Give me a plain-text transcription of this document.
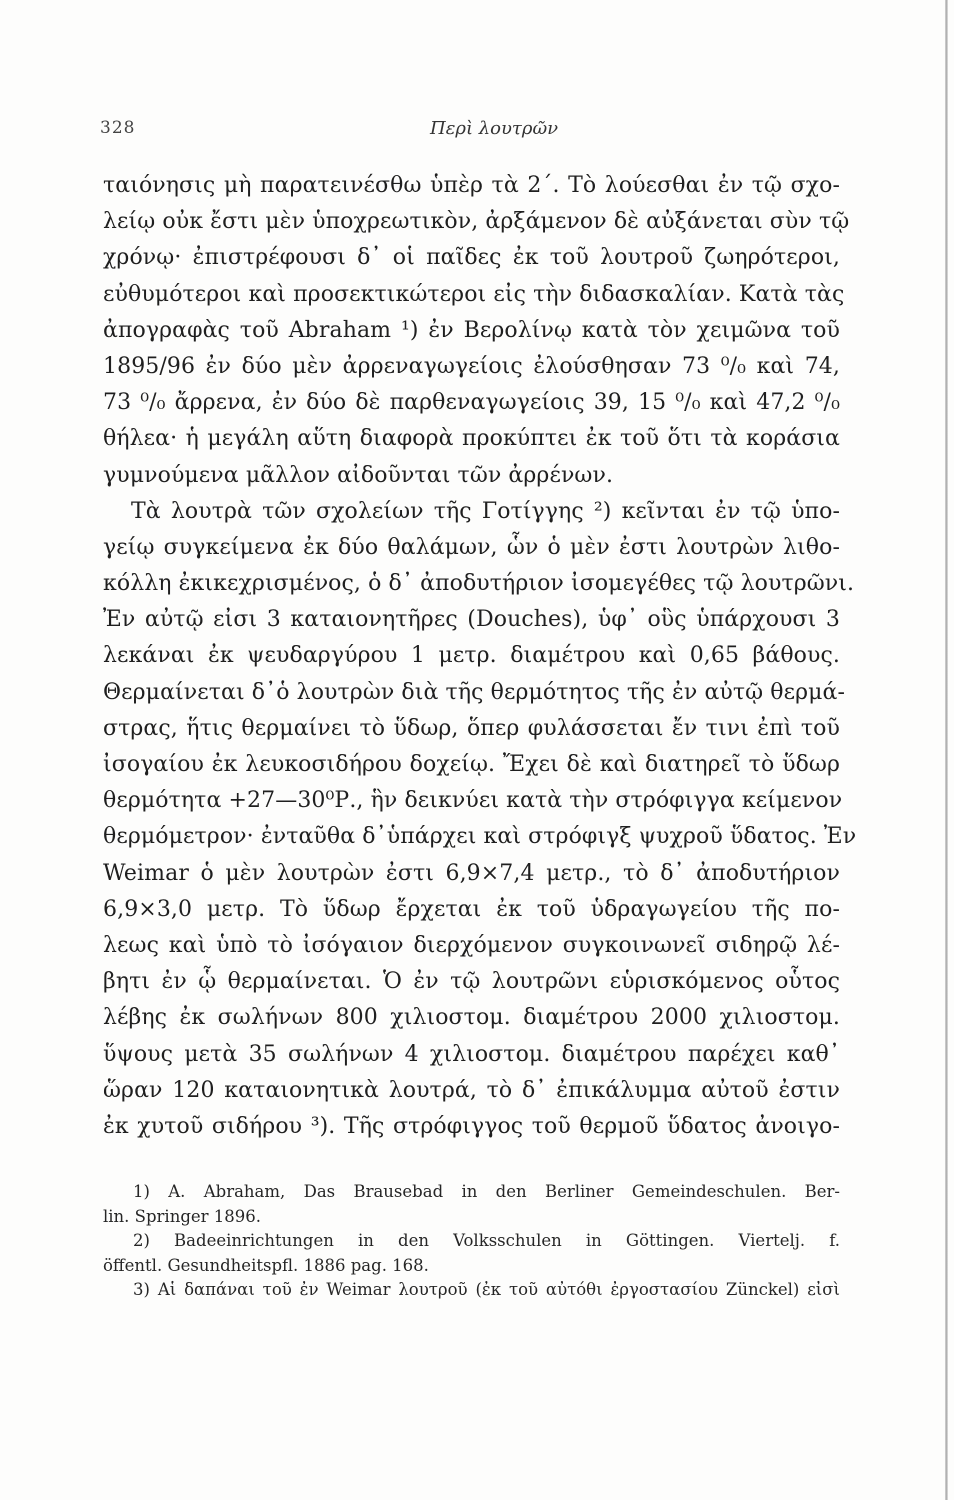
328	Περὶ λουτρῶν
ταιόνησις μὴ παρατεινέσθω ὑπὲρ τὰ 2΄. Τὸ λούεσθαι ἐν τῷ σχο-
λείῳ οὐκ ἔστι μὲν ὑποχρεωτικὸν, ἀρξάμενον δὲ αὐξάνεται σὺν τῷ
χρόνῳ· ἐπιστρέφουσι δ᾽ οἱ παῖδες ἐκ τοῦ λουτροῦ ζωηρότεροι,
εὐθυμότεροι καὶ προσεκτικώτεροι εἰς τὴν διδασκαλίαν. Κατὰ τὰς
ἀπογραφὰς τοῦ Abraham ¹) ἐν Βερολίνῳ κατὰ τὸν χειμῶνα τοῦ
1895/96 ἐν δύο μὲν ἀρρεναγωγείοις ἐλούσθησαν 73 ⁰/₀ καὶ 74,
73 ⁰/₀ ἄρρενα, ἐν δύο δὲ παρθεναγωγείοις 39, 15 ⁰/₀ καὶ 47,2 ⁰/₀
θήλεα· ἡ μεγάλη αὕτη διαφορὰ προκύπτει ἐκ τοῦ ὅτι τὰ κοράσια
γυμνούμενα μᾶλλον αἰδοῦνται τῶν ἀρρένων.
Τὰ λουτρὰ τῶν σχολείων τῆς Γοτίγγης ²) κεῖνται ἐν τῷ ὑπο-
γείῳ συγκείμενα ἐκ δύο θαλάμων, ὧν ὁ μὲν ἐστι λουτρὼν λιθο-
κόλλη ἐκικεχρισμένος, ὁ δ᾽ ἀποδυτήριον ἰσομεγέθες τῷ λουτρῶνι.
Ἐν αὐτῷ εἰσι 3 καταιονητῆρες (Douches), ὑφ᾽ οὓς ὑπάρχουσι 3
λεκάναι ἐκ ψευδαργύρου 1 μετρ. διαμέτρου καὶ 0,65 βάθους.
Θερμαίνεται δ᾽ὁ λουτρὼν διὰ τῆς θερμότητος τῆς ἐν αὐτῷ θερμά-
στρας, ἥτις θερμαίνει τὸ ὕδωρ, ὅπερ φυλάσσεται ἔν τινι ἐπὶ τοῦ
ἰσογαίου ἐκ λευκοσιδήρου δοχείῳ. Ἔχει δὲ καὶ διατηρεῖ τὸ ὕδωρ
θερμότητα +27—30⁰Ρ., ἣν δεικνύει κατὰ τὴν στρόφιγγα κείμενον
θερμόμετρον· ἐνταῦθα δ᾽ὑπάρχει καὶ στρόφιγξ ψυχροῦ ὕδατος. Ἐν
Weimar ὁ μὲν λουτρὼν ἐστι 6,9×7,4 μετρ., τὸ δ᾽ ἀποδυτήριον
6,9×3,0 μετρ. Τὸ ὕδωρ ἔρχεται ἐκ τοῦ ὑδραγωγείου τῆς πο-
λεως καὶ ὑπὸ τὸ ἰσόγαιον διερχόμενον συγκοινωνεῖ σιδηρῷ λέ-
βητι ἐν ᾧ θερμαίνεται. Ὁ ἐν τῷ λουτρῶνι εὑρισκόμενος οὗτος
λέβης ἐκ σωλήνων 800 χιλιοστομ. διαμέτρου 2000 χιλιοστομ.
ὕψους μετὰ 35 σωλήνων 4 χιλιοστομ. διαμέτρου παρέχει καθ᾽
ὥραν 120 καταιονητικὰ λουτρά, τὸ δ᾽ ἐπικάλυμμα αὐτοῦ ἐστιν
ἐκ χυτοῦ σιδήρου ³). Τῆς στρόφιγγος τοῦ θερμοῦ ὕδατος ἀνοιγο-
1) A. Abraham, Das Brausebad in den Berliner Gemeindeschulen. Ber-
lin. Springer 1896.
2) Badeeinrichtungen in den Volksschulen in Göttingen. Viertelj. f.
öffentl. Gesundheitspfl. 1886 pag. 168.
3) Αἱ δαπάναι τοῦ ἐν Weimar λουτροῦ (ἐκ τοῦ αὐτόθι ἐργοστασίου Zünckel) εἰσὶ
